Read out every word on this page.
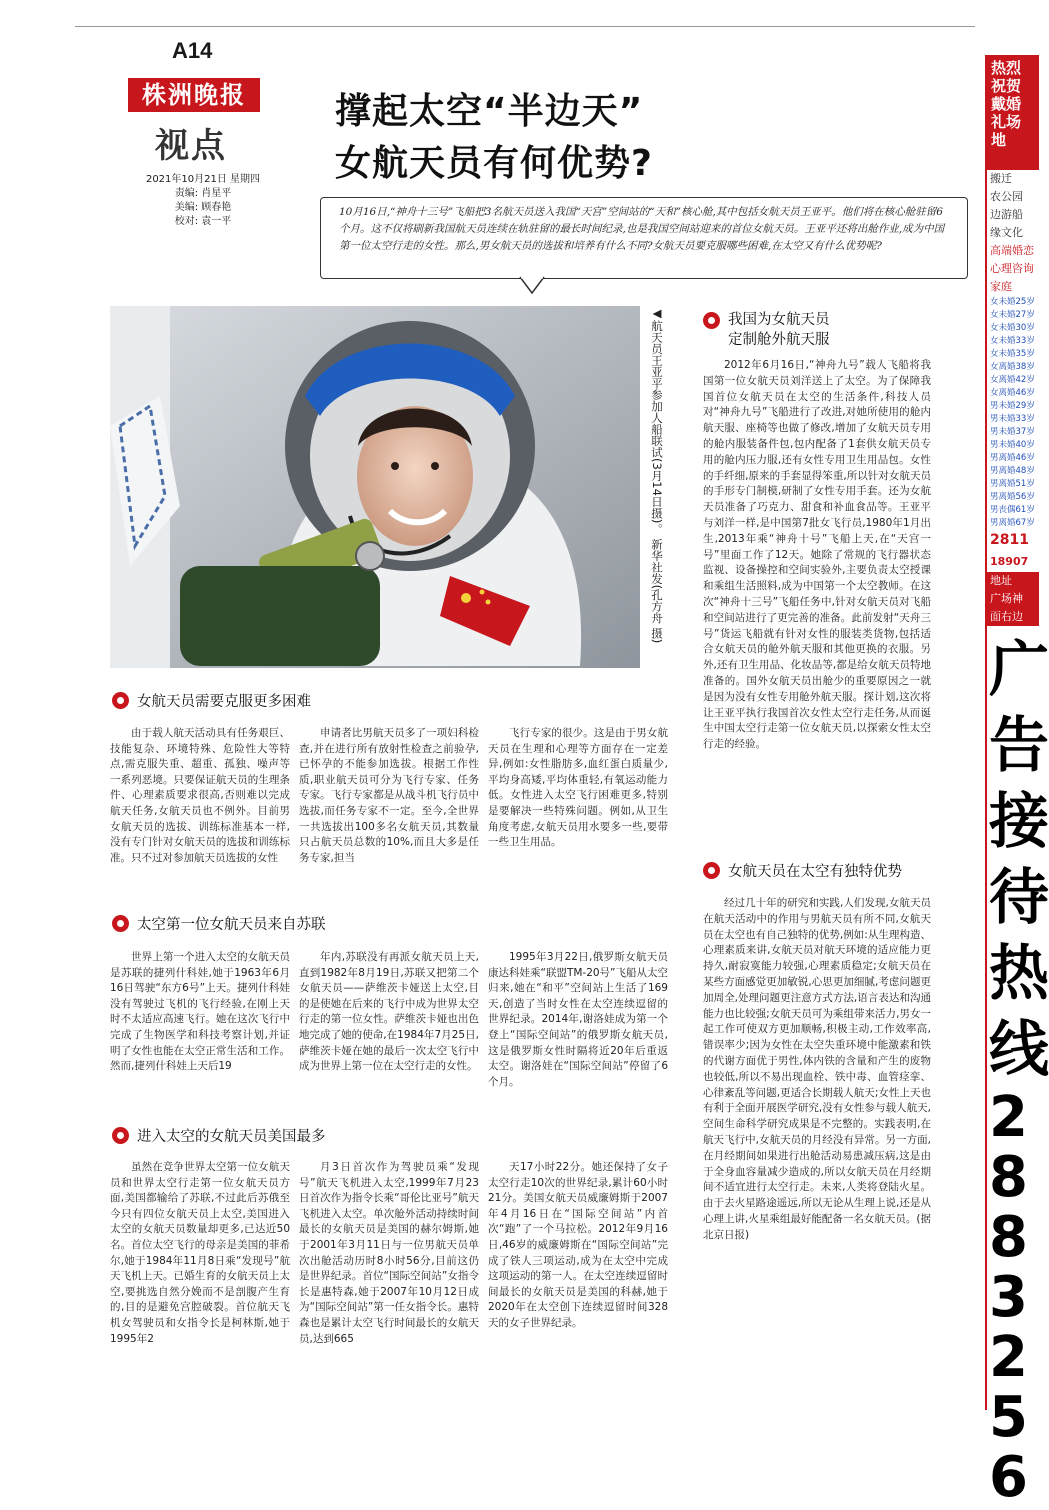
A14
株洲晚报
视点
2021年10月21日 星期四
责编: 肖星平
美编: 顾春艳
校对: 袁一平
撑起太空“半边天”
女航天员有何优势?
10月16日,“神舟十三号”飞船把3名航天员送入我国“天宫”空间站的“天和”核心舱,其中包括女航天员王亚平。他们将在核心舱驻留6个月。这不仅将刷新我国航天员连续在轨驻留的最长时间纪录,也是我国空间站迎来的首位女航天员。王亚平还将出舱作业,成为中国第一位太空行走的女性。那么,男女航天员的选拔和培养有什么不同?女航天员要克服哪些困难,在太空又有什么优势呢?
◀航天员王亚平参加人船联试(3月14日摄)。 新华社发(孔方舟 摄)
女航天员需要克服更多困难

由于载人航天活动具有任务艰巨、技能复杂、环境特殊、危险性大等特点,需克服失重、超重、孤独、噪声等一系列恶境。只要保证航天员的生理条件、心理素质要求很高,否则难以完成航天任务,女航天员也不例外。目前男女航天员的选拔、训练标准基本一样,没有专门针对女航天员的选拔和训练标准。只不过对参加航天员选拔的女性

申请者比男航天员多了一项妇科检查,并在进行所有放射性检查之前验孕,已怀孕的不能参加选拔。根据工作性质,职业航天员可分为飞行专家、任务专家。飞行专家都是从战斗机飞行员中选拔,而任务专家不一定。至今,全世界一共选拔出100多名女航天员,其数量只占航天员总数的10%,而且大多是任务专家,担当

飞行专家的很少。这是由于男女航天员在生理和心理等方面存在一定差异,例如:女性脂肪多,血红蛋白质量少,平均身高矮,平均体重轻,有氧运动能力低。女性进入太空飞行困难更多,特别是要解决一些特殊问题。例如,从卫生角度考虑,女航天员用水要多一些,要带一些卫生用品。

太空第一位女航天员来自苏联

世界上第一个进入太空的女航天员是苏联的捷列什科娃,她于1963年6月16日驾驶“东方6号”上天。捷列什科娃没有驾驶过飞机的飞行经验,在刚上天时不太适应高速飞行。她在这次飞行中完成了生物医学和科技考察计划,并证明了女性也能在太空正常生活和工作。然而,捷列什科娃上天后19

年内,苏联没有再派女航天员上天,直到1982年8月19日,苏联又把第二个女航天员——萨维茨卡娅送上太空,目的是使她在后来的飞行中成为世界太空行走的第一位女性。萨维茨卡娅也出色地完成了她的使命,在1984年7月25日,萨维茨卡娅在她的最后一次太空飞行中成为世界上第一位在太空行走的女性。

1995年3月22日,俄罗斯女航天员康达科娃乘“联盟TM-20号”飞船从太空归来,她在“和平”空间站上生活了169天,创造了当时女性在太空连续逗留的世界纪录。2014年,谢洛娃成为第一个登上“国际空间站”的俄罗斯女航天员,这是俄罗斯女性时隔将近20年后重返太空。谢洛娃在“国际空间站”停留了6个月。

进入太空的女航天员美国最多

虽然在竞争世界太空第一位女航天员和世界太空行走第一位女航天员方面,美国都输给了苏联,不过此后苏俄至今只有四位女航天员上太空,美国进入太空的女航天员数量却更多,已达近50名。首位太空飞行的母亲是美国的菲希尔,她于1984年11月8日乘“发现号”航天飞机上天。已婚生育的女航天员上太空,要挑选自然分娩而不是剖腹产生育的,目的是避免宫腔破裂。首位航天飞机女驾驶员和女指令长是柯林斯,她于1995年2

月3日首次作为驾驶员乘“发现号”航天飞机进入太空,1999年7月23日首次作为指令长乘“哥伦比亚号”航天飞机进入太空。单次舱外活动持续时间最长的女航天员是美国的赫尔姆斯,她于2001年3月11日与一位男航天员单次出舱活动历时8小时56分,目前这仍是世界纪录。首位“国际空间站”女指令长是惠特森,她于2007年10月12日成为“国际空间站”第一任女指令长。惠特森也是累计太空飞行时间最长的女航天员,达到665

天17小时22分。她还保持了女子太空行走10次的世界纪录,累计60小时21分。美国女航天员威廉姆斯于2007年4月16日在“国际空间站”内首次“跑”了一个马拉松。2012年9月16日,46岁的威廉姆斯在“国际空间站”完成了铁人三项运动,成为在太空中完成这项运动的第一人。在太空连续逗留时间最长的女航天员是美国的科赫,她于2020年在太空创下连续逗留时间328天的女子世界纪录。

我国为女航天员
定制舱外航天服

2012年6月16日,“神舟九号”载人飞船将我国第一位女航天员刘洋送上了太空。为了保障我国首位女航天员在太空的生活条件,科技人员对“神舟九号”飞船进行了改进,对她所使用的舱内航天服、座椅等也做了修改,增加了女航天员专用的舱内服装备件包,包内配备了1套供女航天员专用的舱内压力服,还有女性专用卫生用品包。女性的手纤细,原来的手套显得笨重,所以针对女航天员的手形专门制模,研制了女性专用手套。还为女航天员准备了巧克力、甜食和补血食品等。王亚平与刘洋一样,是中国第7批女飞行员,1980年1月出生,2013年乘“神舟十号”飞船上天,在“天宫一号”里面工作了12天。她除了常规的飞行器状态监视、设备操控和空间实验外,主要负责太空授课和乘组生活照料,成为中国第一个太空教师。在这次“神舟十三号”飞船任务中,针对女航天员对飞船和空间站进行了更完善的准备。此前发射“天舟三号”货运飞船就有针对女性的服装类货物,包括适合女航天员的舱外航天服和其他更换的衣服。另外,还有卫生用品、化妆品等,都是给女航天员特地准备的。国外女航天员出舱少的重要原因之一就是因为没有女性专用舱外航天服。探计划,这次将让王亚平执行我国首次女性太空行走任务,从而诞生中国太空行走第一位女航天员,以探索女性太空行走的经验。

女航天员在太空有独特优势

经过几十年的研究和实践,人们发现,女航天员在航天活动中的作用与男航天员有所不同,女航天员在太空也有自己独特的优势,例如:从生理构造、心理素质来讲,女航天员对航天环境的适应能力更持久,耐寂寞能力较强,心理素质稳定;女航天员在某些方面感觉更加敏锐,心思更加细腻,考虑问题更加周全,处理问题更注意方式方法,语言表达和沟通能力也比较强;女航天员可为乘组带来活力,男女一起工作可使双方更加顺畅,积极主动,工作效率高,错误率少;因为女性在太空失重环境中能激素和铁的代谢方面优于男性,体内铁的含量和产生的废物也较低,所以不易出现血栓、铁中毒、血管痉挛、心律紊乱等问题,更适合长期载人航天;女性上天也有利于全面开展医学研究,没有女性参与载人航天,空间生命科学研究成果是不完整的。实践表明,在航天飞行中,女航天员的月经没有异常。另一方面,在月经期间如果进行出舱活动易患减压病,这是由于全身血容量减少造成的,所以女航天员在月经期间不适宜进行太空行走。未来,人类将登陆火星。由于去火星路途遥远,所以无论从生理上说,还是从心理上讲,火星乘组最好能配备一名女航天员。(据北京日报)

热烈祝贺戴婚礼场地
搬迁
农公园
边游船
缘文化
高端婚恋
心理咨询
家庭
女未婚25岁
女未婚27岁
女未婚30岁
女未婚33岁
女未婚35岁
女离婚38岁
女离婚42岁
女离婚46岁
男未婚29岁
男未婚33岁
男未婚37岁
男未婚40岁
男离婚46岁
男离婚48岁
男离婚51岁
男离婚56岁
男丧偶61岁
男离婚67岁
2811
18907
地址
广场神
面右边
广
告
接
待
热
线
2
8
8
3
2
5
6
